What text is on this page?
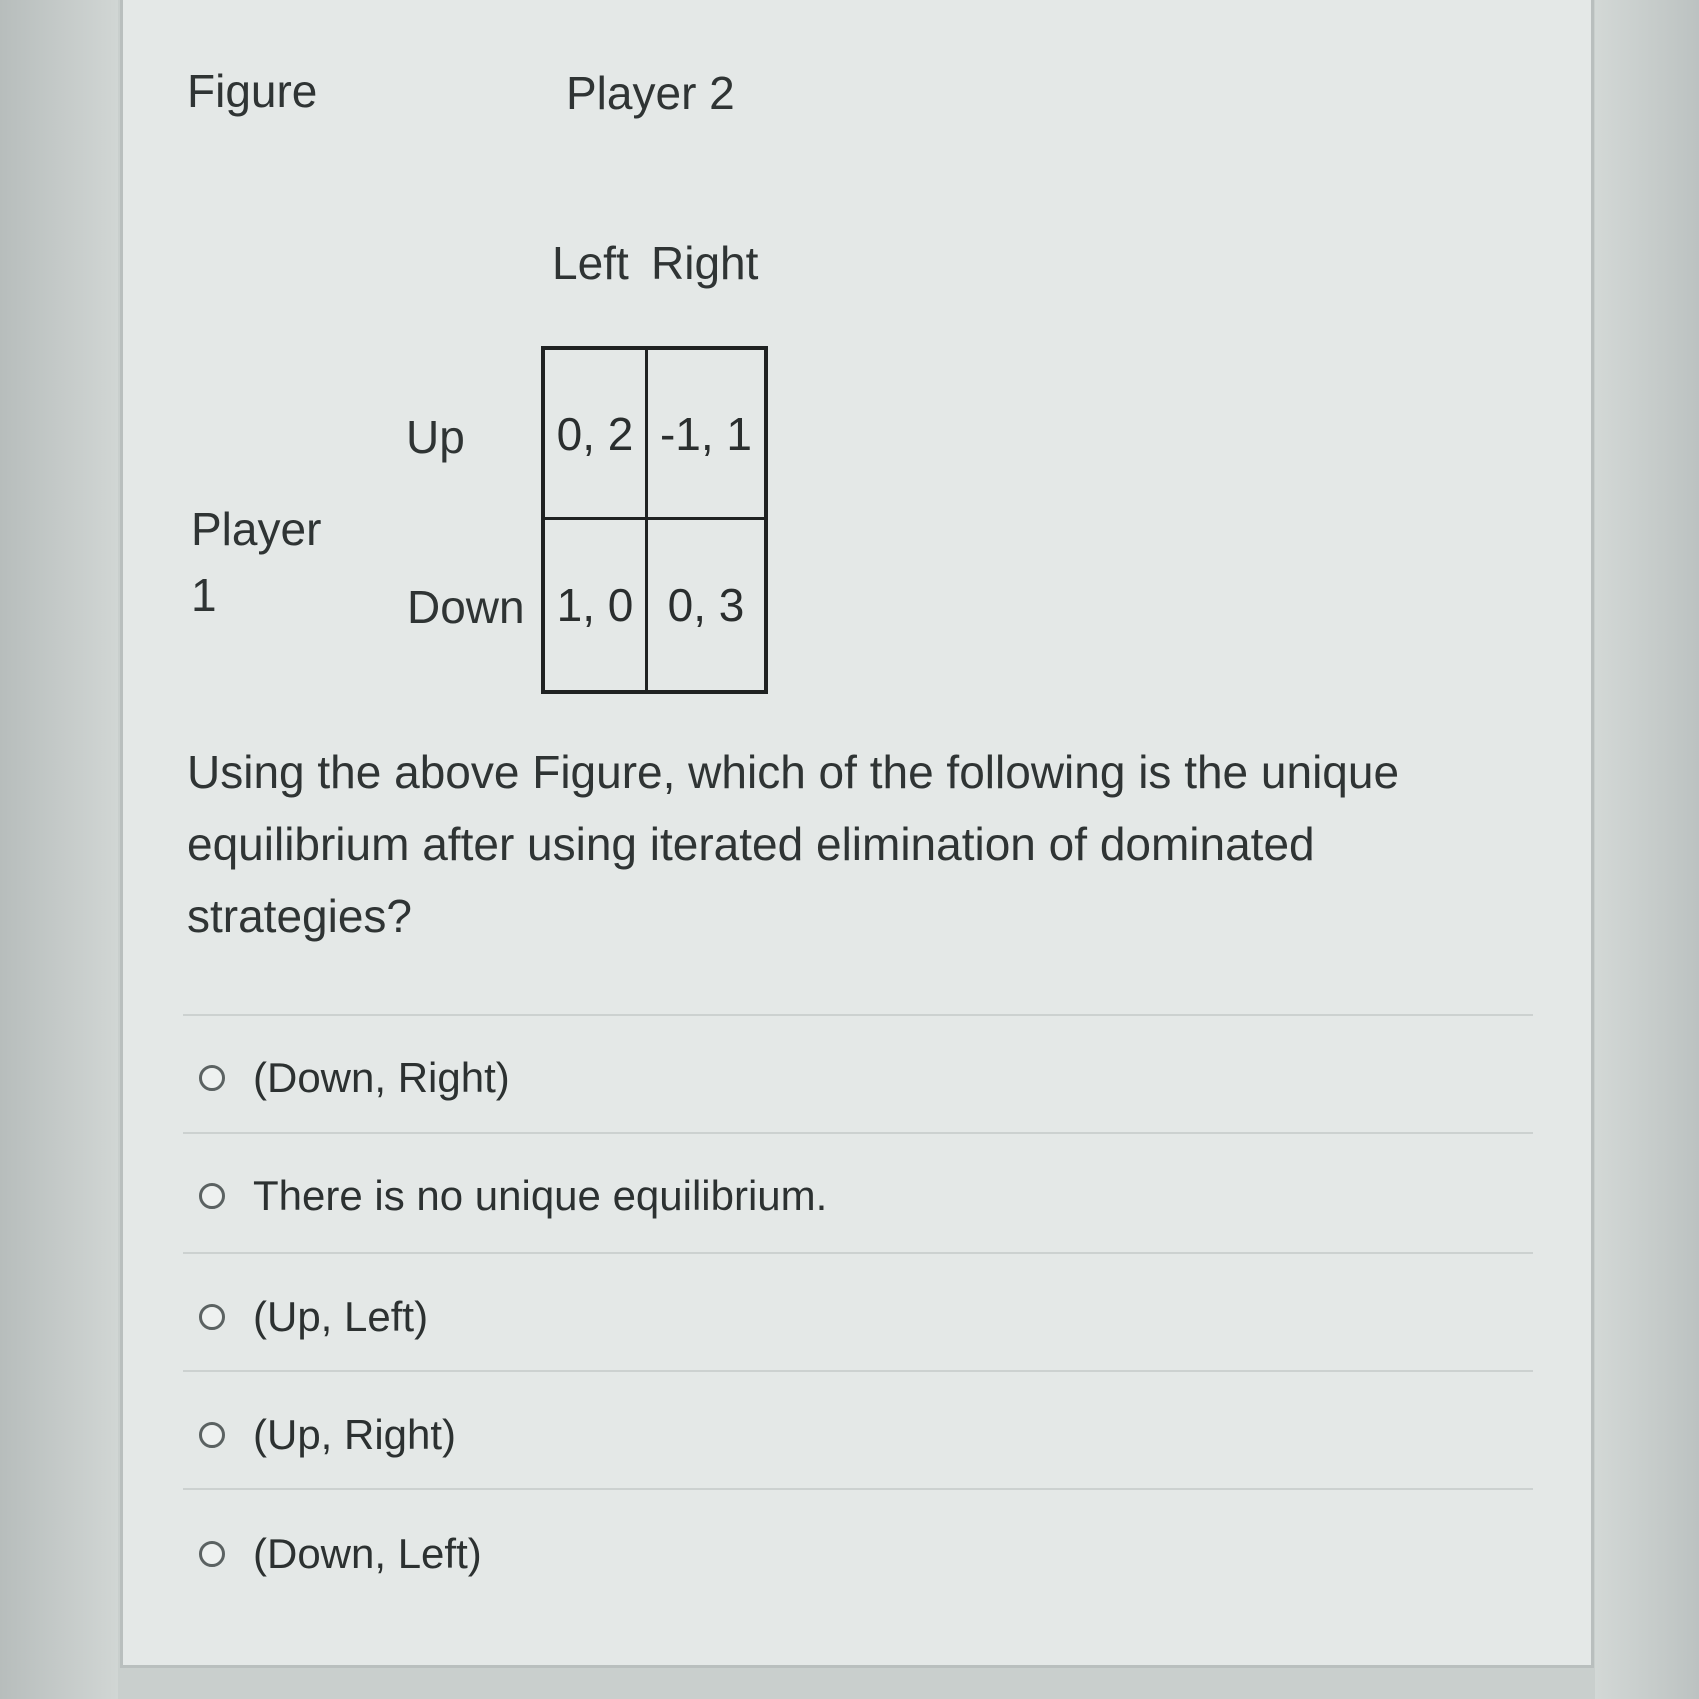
Figure	Player 2
Left Right
Up
Down
Player 1
0, 2 -1, 1
1, 0 0, 3
Using the above Figure, which of the following is the unique equilibrium after using iterated elimination of dominated strategies?
(Down, Right)
There is no unique equilibrium.
(Up, Left)
(Up, Right)
(Down, Left)
